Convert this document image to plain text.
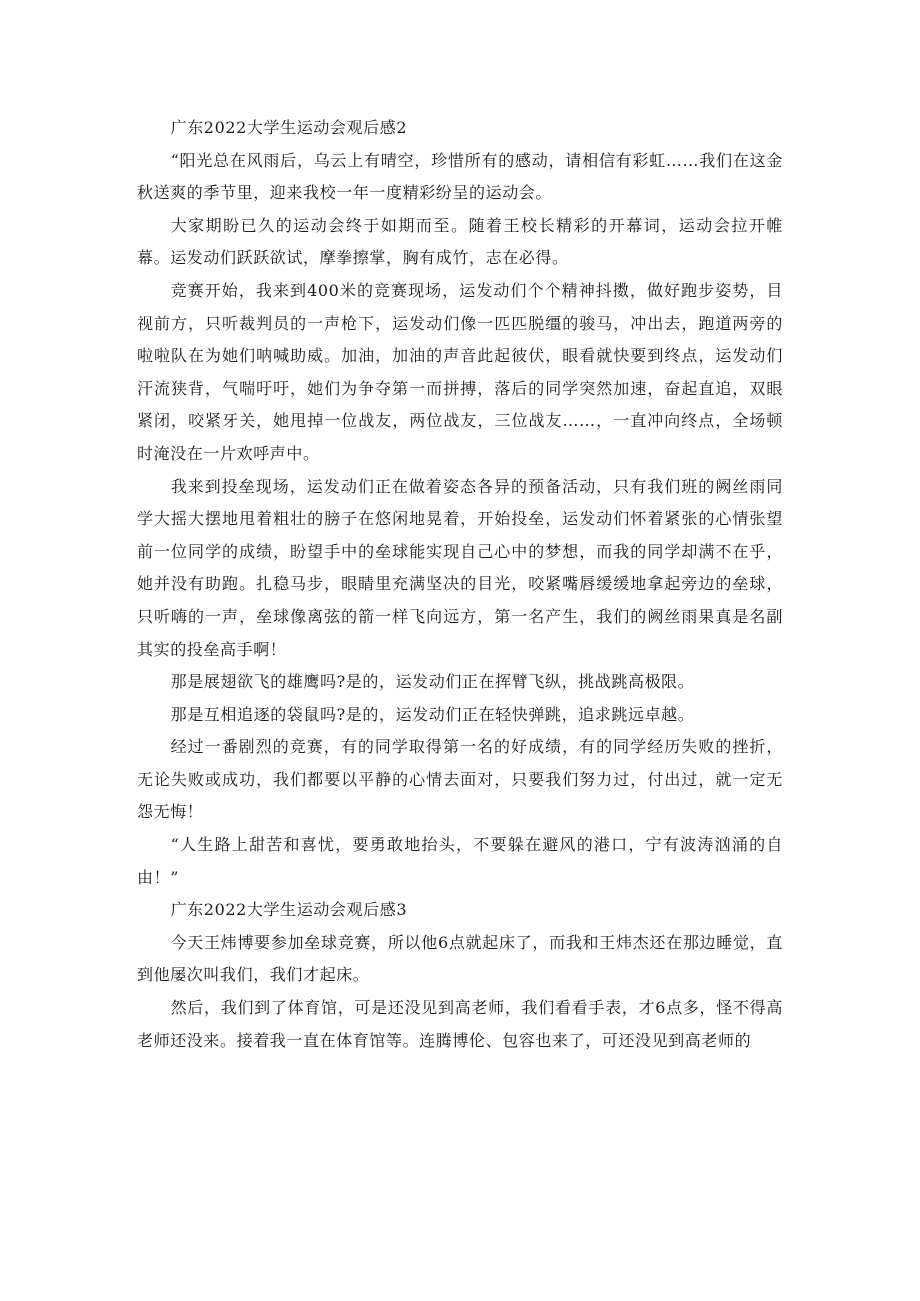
广东2022大学生运动会观后感2

“阳光总在风雨后，乌云上有晴空，珍惜所有的感动，请相信有彩虹……我们在这金秋送爽的季节里，迎来我校一年一度精彩纷呈的运动会。

大家期盼已久的运动会终于如期而至。随着王校长精彩的开幕词，运动会拉开帷幕。运发动们跃跃欲试，摩拳擦掌，胸有成竹，志在必得。

竞赛开始，我来到400米的竞赛现场，运发动们个个精神抖擞，做好跑步姿势，目视前方，只听裁判员的一声枪下，运发动们像一匹匹脱缰的骏马，冲出去，跑道两旁的啦啦队在为她们呐喊助威。加油，加油的声音此起彼伏，眼看就快要到终点，运发动们汗流狭背，气喘吁吁，她们为争夺第一而拼搏，落后的同学突然加速，奋起直追，双眼紧闭，咬紧牙关，她甩掉一位战友，两位战友，三位战友……，一直冲向终点，全场顿时淹没在一片欢呼声中。

我来到投垒现场，运发动们正在做着姿态各异的预备活动，只有我们班的阙丝雨同学大摇大摆地甩着粗壮的膀子在悠闲地晃着，开始投垒，运发动们怀着紧张的心情张望前一位同学的成绩，盼望手中的垒球能实现自己心中的梦想，而我的同学却满不在乎，她并没有助跑。扎稳马步，眼睛里充满坚决的目光，咬紧嘴唇缓缓地拿起旁边的垒球，只听嗨的一声，垒球像离弦的箭一样飞向远方，第一名产生，我们的阙丝雨果真是名副其实的投垒高手啊！

那是展翅欲飞的雄鹰吗?是的，运发动们正在挥臂飞纵，挑战跳高极限。

那是互相追逐的袋鼠吗?是的，运发动们正在轻快弹跳，追求跳远卓越。

经过一番剧烈的竞赛，有的同学取得第一名的好成绩，有的同学经历失败的挫折，无论失败或成功，我们都要以平静的心情去面对，只要我们努力过，付出过，就一定无怨无悔！

“人生路上甜苦和喜忧，要勇敢地抬头，不要躲在避风的港口，宁有波涛汹涌的自由！”

广东2022大学生运动会观后感3

今天王炜博要参加垒球竞赛，所以他6点就起床了，而我和王炜杰还在那边睡觉，直到他屡次叫我们，我们才起床。

然后，我们到了体育馆，可是还没见到高老师，我们看看手表，才6点多，怪不得高老师还没来。接着我一直在体育馆等。连腾博伦、包容也来了，可还没见到高老师的
